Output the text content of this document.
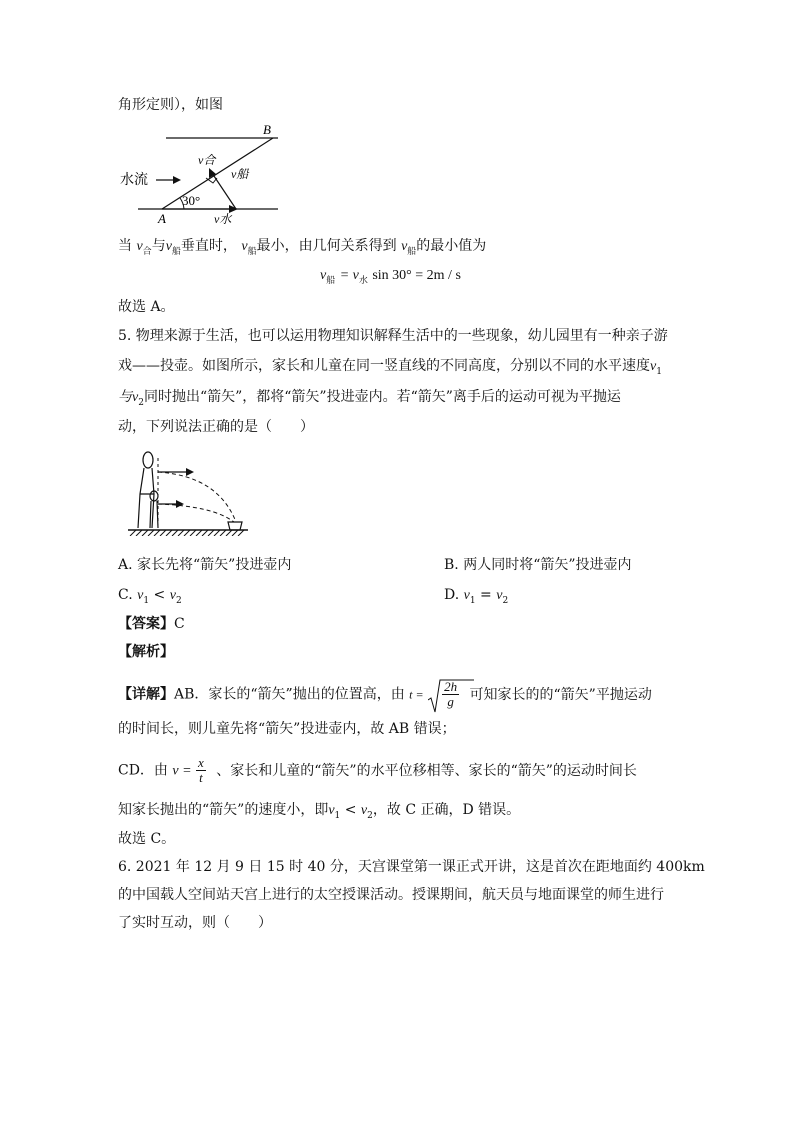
角形定则），如图
B
A
水流
v合
v船
30°
v水
当 $v_合$与$v_船$垂直时， $v_船$最小，由几何关系得到 $v_船$的最小值为
$v_船 = v_水$ sin 30° = 2m / s
故选 A。
5. 物理来源于生活，也可以运用物理知识解释生活中的一些现象，幼儿园里有一种亲子游
戏——投壶。如图所示，家长和儿童在同一竖直线的不同高度，分别以不同的水平速度$v_1$
与$v_2$同时抛出“箭矢”，都将“箭矢”投进壶内。若“箭矢”离手后的运动可视为平抛运
动，下列说法正确的是（　　）
A. 家长先将“箭矢”投进壶内	B. 两人同时将“箭矢”投进壶内
C. $v_1 < v_2$	D. $v_1 = v_2$
【答案】C
【解析】
【详解】AB．家长的“箭矢”抛出的位置高，由 $t = \frac{2h}{g}$ 可知家长的的“箭矢”平抛运动
的时间长，则儿童先将“箭矢”投进壶内，故 AB 错误；
CD．由 $v = \frac{x}{t}$ 、家长和儿童的“箭矢”的水平位移相等、家长的“箭矢”的运动时间长
知家长抛出的“箭矢”的速度小，即$v_1 < v_2$，故 C 正确，D 错误。
故选 C。
6. 2021 年 12 月 9 日 15 时 40 分，天宫课堂第一课正式开讲，这是首次在距地面约 400km
的中国载人空间站天宫上进行的太空授课活动。授课期间，航天员与地面课堂的师生进行
了实时互动，则（　　）
